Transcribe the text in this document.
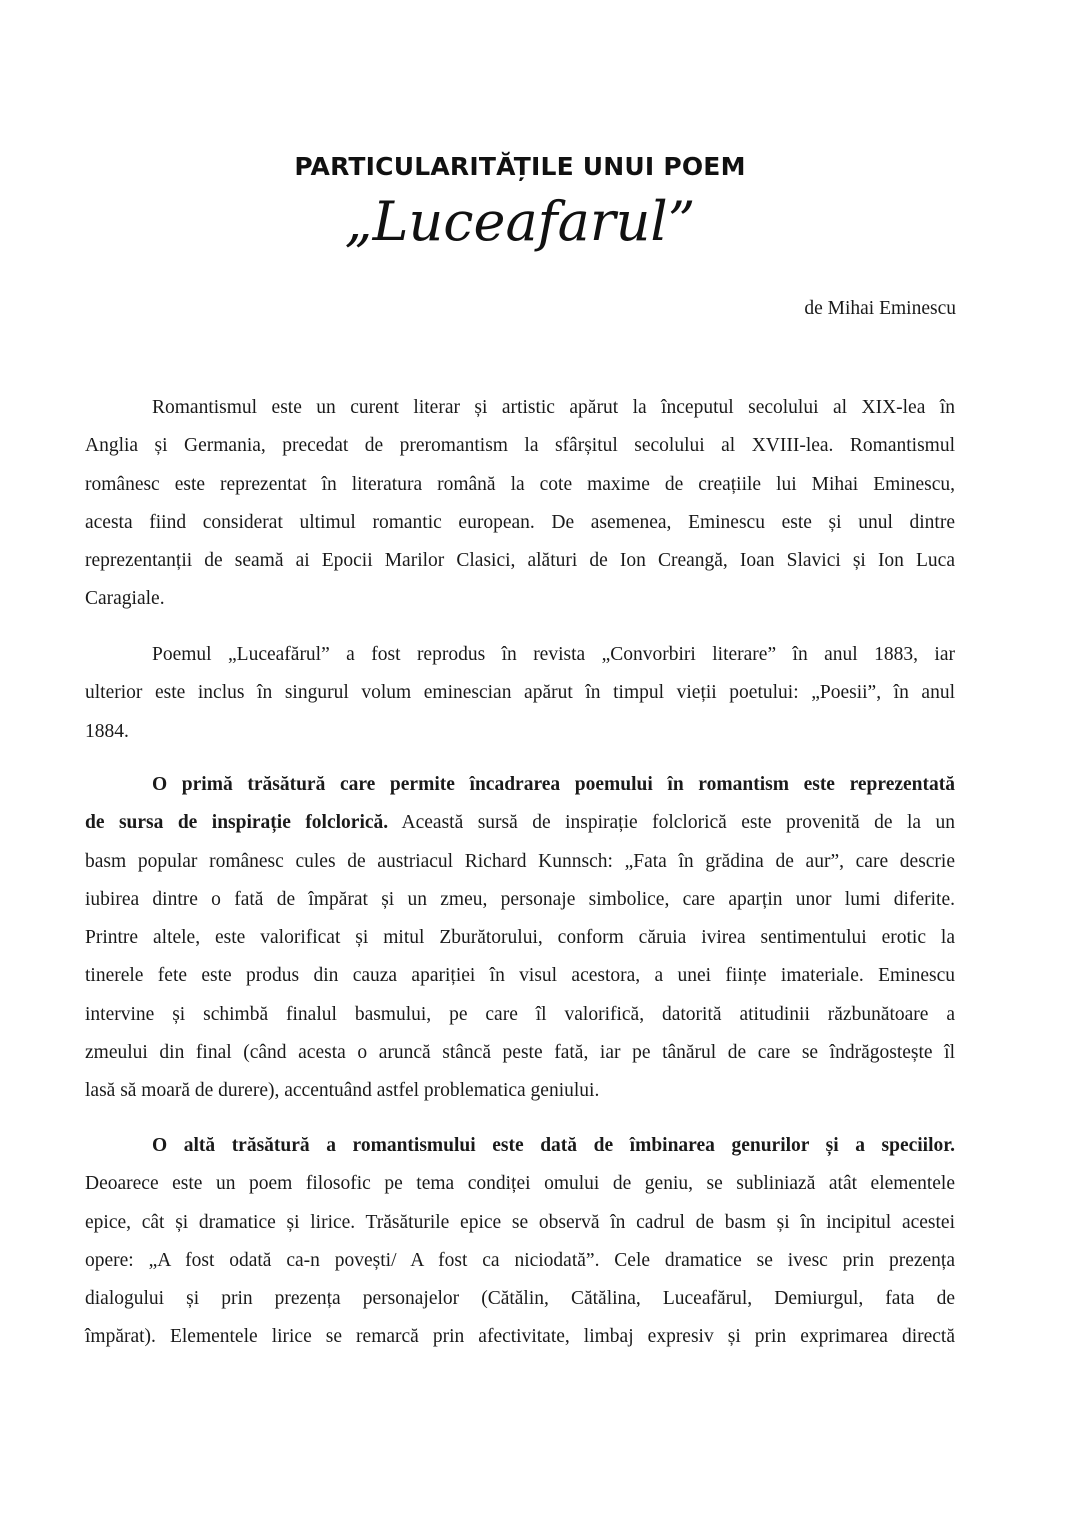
PARTICULARITĂȚILE UNUI POEM
„Luceafarul”
de Mihai Eminescu
Romantismul este un curent literar și artistic apărut la începutul secolului al XIX-lea în
Anglia și Germania, precedat de preromantism la sfârșitul secolului al XVIII-lea. Romantismul
românesc este reprezentat în literatura română la cote maxime de creațiile lui Mihai Eminescu,
acesta fiind considerat ultimul romantic european. De asemenea, Eminescu este și unul dintre
reprezentanții de seamă ai Epocii Marilor Clasici, alături de Ion Creangă, Ioan Slavici și Ion Luca
Caragiale.
Poemul „Luceafărul” a fost reprodus în revista „Convorbiri literare” în anul 1883, iar
ulterior este inclus în singurul volum eminescian apărut în timpul vieții poetului: „Poesii”, în anul
1884.
O primă trăsătură care permite încadrarea poemului în romantism este reprezentată
de sursa de inspirație folclorică. Această sursă de inspirație folclorică este provenită de la un
basm popular românesc cules de austriacul Richard Kunnsch: „Fata în grădina de aur”, care descrie
iubirea dintre o fată de împărat și un zmeu, personaje simbolice, care aparțin unor lumi diferite.
Printre altele, este valorificat și mitul Zburătorului, conform căruia ivirea sentimentului erotic la
tinerele fete este produs din cauza apariției în visul acestora, a unei ființe imateriale. Eminescu
intervine și schimbă finalul basmului, pe care îl valorifică, datorită atitudinii răzbunătoare a
zmeului din final (când acesta o aruncă stâncă peste fată, iar pe tânărul de care se îndrăgostește îl
lasă să moară de durere), accentuând astfel problematica geniului.
O altă trăsătură a romantismului este dată de îmbinarea genurilor și a speciilor.
Deoarece este un poem filosofic pe tema condiței omului de geniu, se subliniază atât elementele
epice, cât și dramatice și lirice. Trăsăturile epice se observă în cadrul de basm și în incipitul acestei
opere: „A fost odată ca-n povești/ A fost ca niciodată”. Cele dramatice se ivesc prin prezența
dialogului și prin prezența personajelor (Cătălin, Cătălina, Luceafărul, Demiurgul, fata de
împărat). Elementele lirice se remarcă prin afectivitate, limbaj expresiv și prin exprimarea directă
